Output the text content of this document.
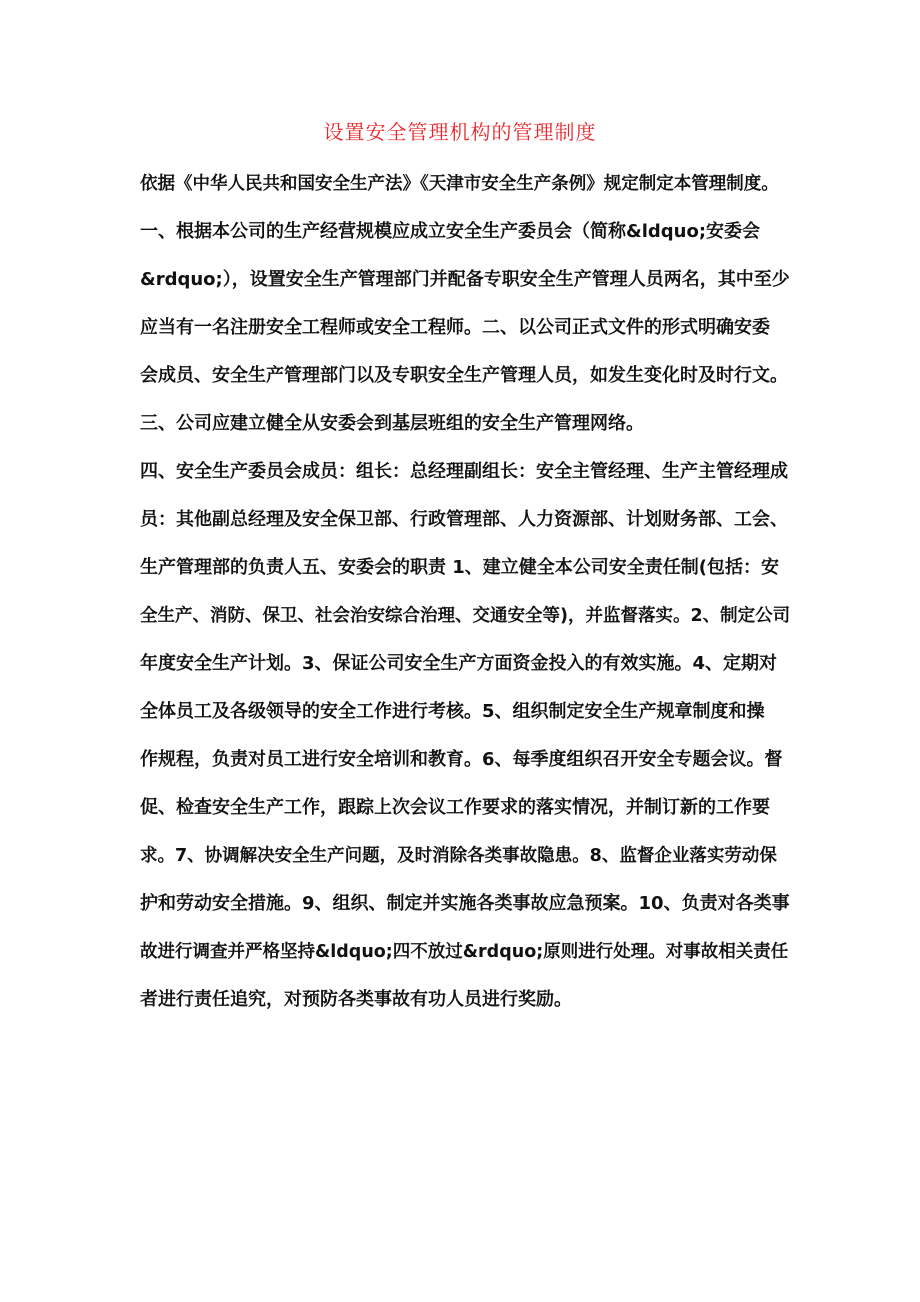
设置安全管理机构的管理制度
依据《中华人民共和国安全生产法》《天津市安全生产条例》规定制定本管理制度。
一、根据本公司的生产经营规模应成立安全生产委员会（简称&ldquo;安委会
&rdquo;），设置安全生产管理部门并配备专职安全生产管理人员两名，其中至少
应当有一名注册安全工程师或安全工程师。二、以公司正式文件的形式明确安委
会成员、安全生产管理部门以及专职安全生产管理人员，如发生变化时及时行文。
三、公司应建立健全从安委会到基层班组的安全生产管理网络。
四、安全生产委员会成员：组长：总经理副组长：安全主管经理、生产主管经理成
员：其他副总经理及安全保卫部、行政管理部、人力资源部、计划财务部、工会、
生产管理部的负责人五、安委会的职责 1、建立健全本公司安全责任制(包括：安
全生产、消防、保卫、社会治安综合治理、交通安全等)，并监督落实。2、制定公司
年度安全生产计划。3、保证公司安全生产方面资金投入的有效实施。4、定期对
全体员工及各级领导的安全工作进行考核。5、组织制定安全生产规章制度和操
作规程，负责对员工进行安全培训和教育。6、每季度组织召开安全专题会议。督
促、检查安全生产工作，跟踪上次会议工作要求的落实情况，并制订新的工作要
求。7、协调解决安全生产问题，及时消除各类事故隐患。8、监督企业落实劳动保
护和劳动安全措施。9、组织、制定并实施各类事故应急预案。10、负责对各类事
故进行调查并严格坚持&ldquo;四不放过&rdquo;原则进行处理。对事故相关责任
者进行责任追究，对预防各类事故有功人员进行奖励。
